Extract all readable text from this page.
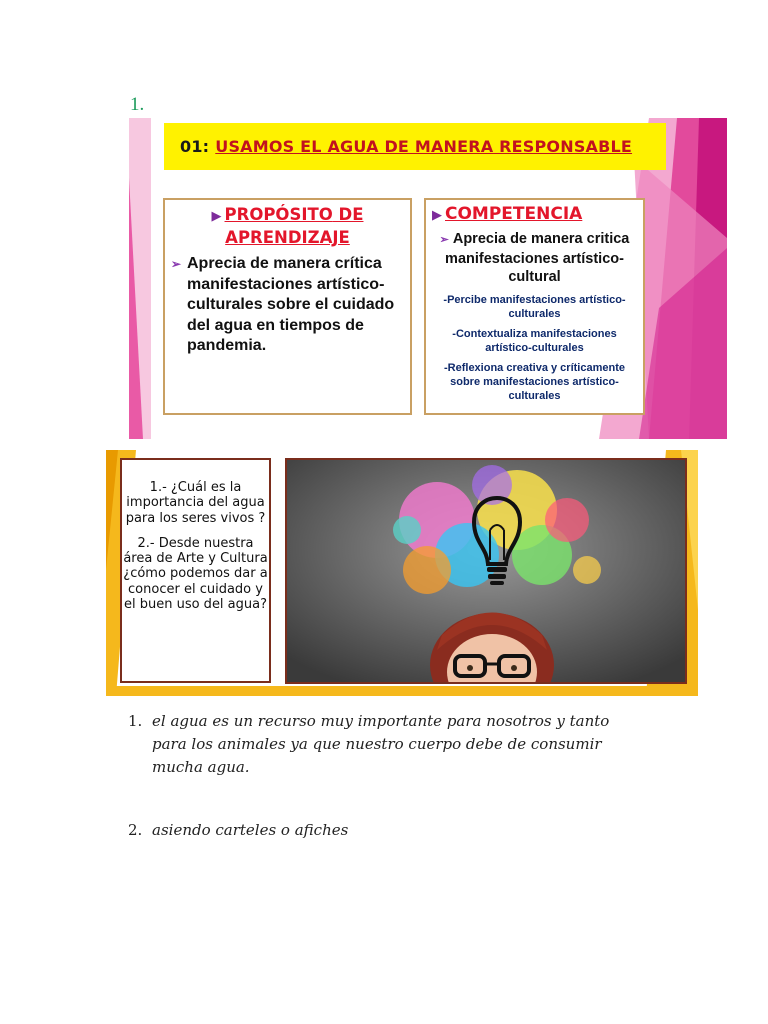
1.
01: USAMOS EL AGUA DE MANERA RESPONSABLE
▶ PROPÓSITO DE
APRENDIZAJE
➢ Aprecia de manera crítica manifestaciones artístico-culturales sobre el cuidado del agua en tiempos de pandemia.
▶ COMPETENCIA
➢ Aprecia de manera critica manifestaciones artístico-cultural
-Percibe manifestaciones artístico-culturales
-Contextualiza manifestaciones artístico-culturales
-Reflexiona creativa y críticamente sobre manifestaciones artístico-culturales

1.- ¿Cuál es la importancia del agua para los seres vivos ?

2.- Desde nuestra área de Arte y Cultura ¿cómo podemos dar a conocer el cuidado y el buen uso del agua?

1. el agua es un recurso muy importante para nosotros y tanto para los animales ya que nuestro cuerpo debe de consumir mucha agua.
2. asiendo carteles o afiches
